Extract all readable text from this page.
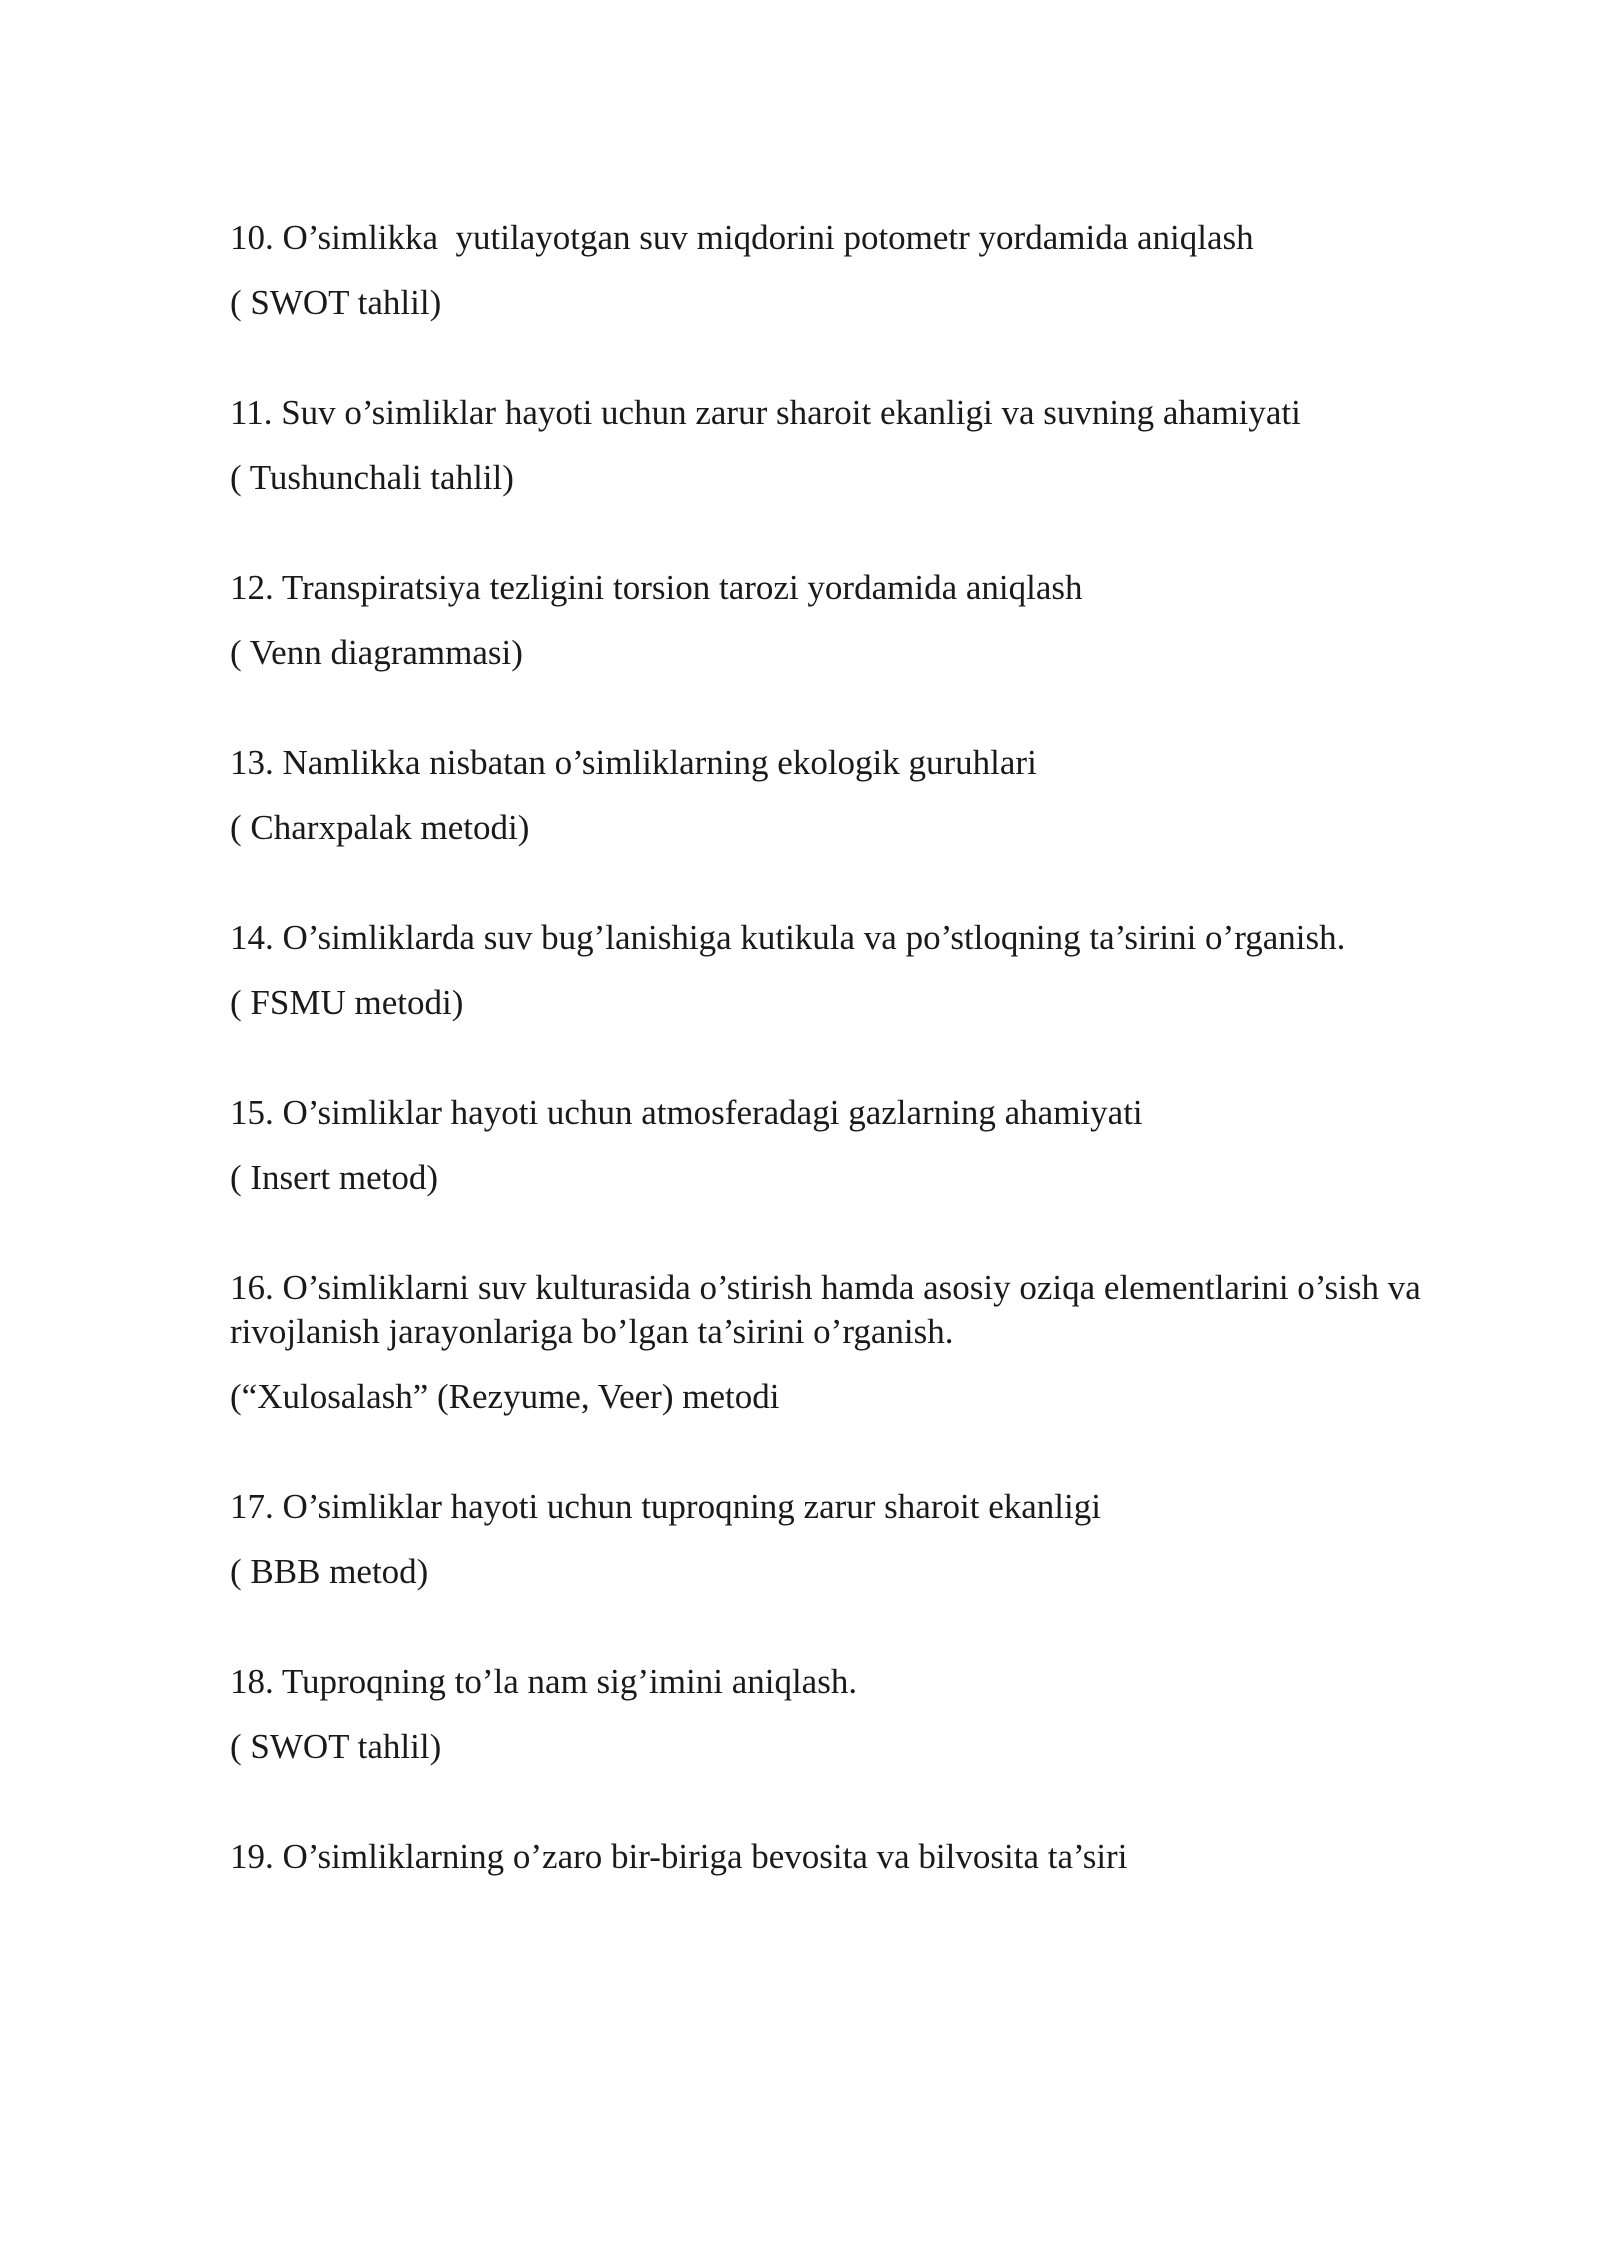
10. O’simlikka  yutilayotgan suv miqdorini potometr yordamida aniqlash

( SWOT tahlil)

11. Suv o’simliklar hayoti uchun zarur sharoit ekanligi va suvning ahamiyati

( Tushunchali tahlil)

12. Transpiratsiya tezligini torsion tarozi yordamida aniqlash

( Venn diagrammasi)

13. Namlikka nisbatan o’simliklarning ekologik guruhlari

( Charxpalak metodi)

14. O’simliklarda suv bug’lanishiga kutikula va po’stloqning ta’sirini o’rganish.

( FSMU metodi)

15. O’simliklar hayoti uchun atmosferadagi gazlarning ahamiyati

( Insert metod)

16. O’simliklarni suv kulturasida o’stirish hamda asosiy oziqa elementlarini o’sish va rivojlanish jarayonlariga bo’lgan ta’sirini o’rganish.

(“Xulosalash” (Rezyume, Veer) metodi

17. O’simliklar hayoti uchun tuproqning zarur sharoit ekanligi

( BBB metod)

18. Tuproqning to’la nam sig’imini aniqlash.

( SWOT tahlil)

19. O’simliklarning o’zaro bir-biriga bevosita va bilvosita ta’siri
